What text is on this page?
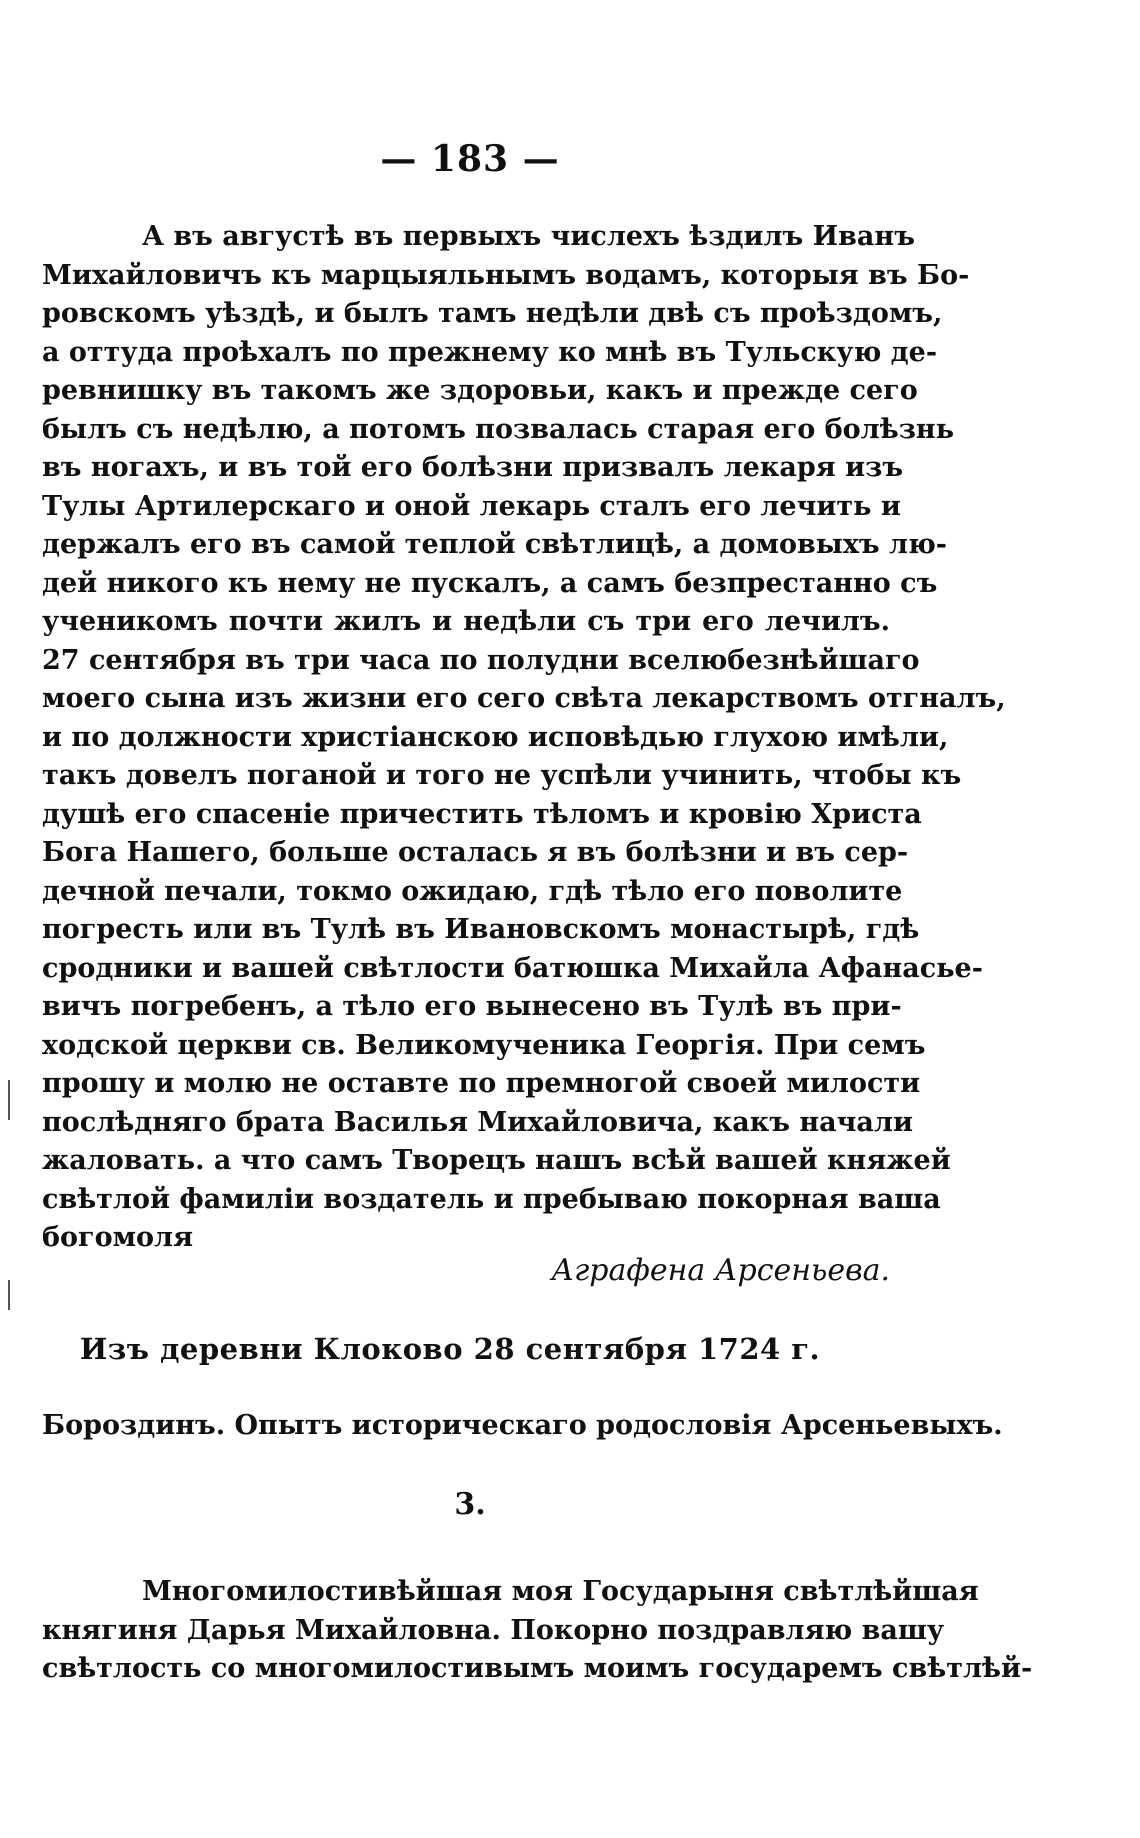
— 183 —
А въ августѣ въ первыхъ числехъ ѣздилъ Иванъ
Михайловичъ къ марцыяльнымъ водамъ, которыя въ Бо-
ровскомъ уѣздѣ, и былъ тамъ недѣли двѣ съ проѣздомъ,
а оттуда проѣхалъ по прежнему ко мнѣ въ Тульскую де-
ревнишку въ такомъ же здоровьи, какъ и прежде сего
былъ съ недѣлю, а потомъ позвалась старая его болѣзнь
въ ногахъ, и въ той его болѣзни призвалъ лекаря изъ
Тулы Артилерскаго и оной лекарь сталъ его лечить и
держалъ его въ самой теплой свѣтлицѣ, а домовыхъ лю-
дей никого къ нему не пускалъ, а самъ безпрестанно съ
ученикомъ почти жилъ и недѣли съ три его лечилъ.
27 сентября въ три часа по полудни вселюбезнѣйшаго
моего сына изъ жизни его сего свѣта лекарствомъ отгналъ,
и по должности христіанскою исповѣдью глухою имѣли,
такъ довелъ поганой и того не успѣли учинить, чтобы къ
душѣ его спасеніе причестить тѣломъ и кровію Христа
Бога Нашего, больше осталась я въ болѣзни и въ сер-
дечной печали, токмо ожидаю, гдѣ тѣло его поволите
погресть или въ Тулѣ въ Ивановскомъ монастырѣ, гдѣ
сродники и вашей свѣтлости батюшка Михайла Афанасье-
вичъ погребенъ, а тѣло его вынесено въ Тулѣ въ при-
ходской церкви св. Великомученика Георгія. При семъ
прошу и молю не оставте по премногой своей милости
послѣдняго брата Василья Михайловича, какъ начали
жаловать. а что самъ Творецъ нашъ всѣй вашей княжей
свѣтлой фамиліи воздатель и пребываю покорная ваша
богомоля
Аграфена Арсеньева.
Изъ деревни Клоково 28 сентября 1724 г.
Бороздинъ. Опытъ историческаго родословія Арсеньевыхъ.
3.
Многомилостивѣйшая моя Государыня свѣтлѣйшая
княгиня Дарья Михайловна. Покорно поздравляю вашу
свѣтлость со многомилостивымъ моимъ государемъ свѣтлѣй-
